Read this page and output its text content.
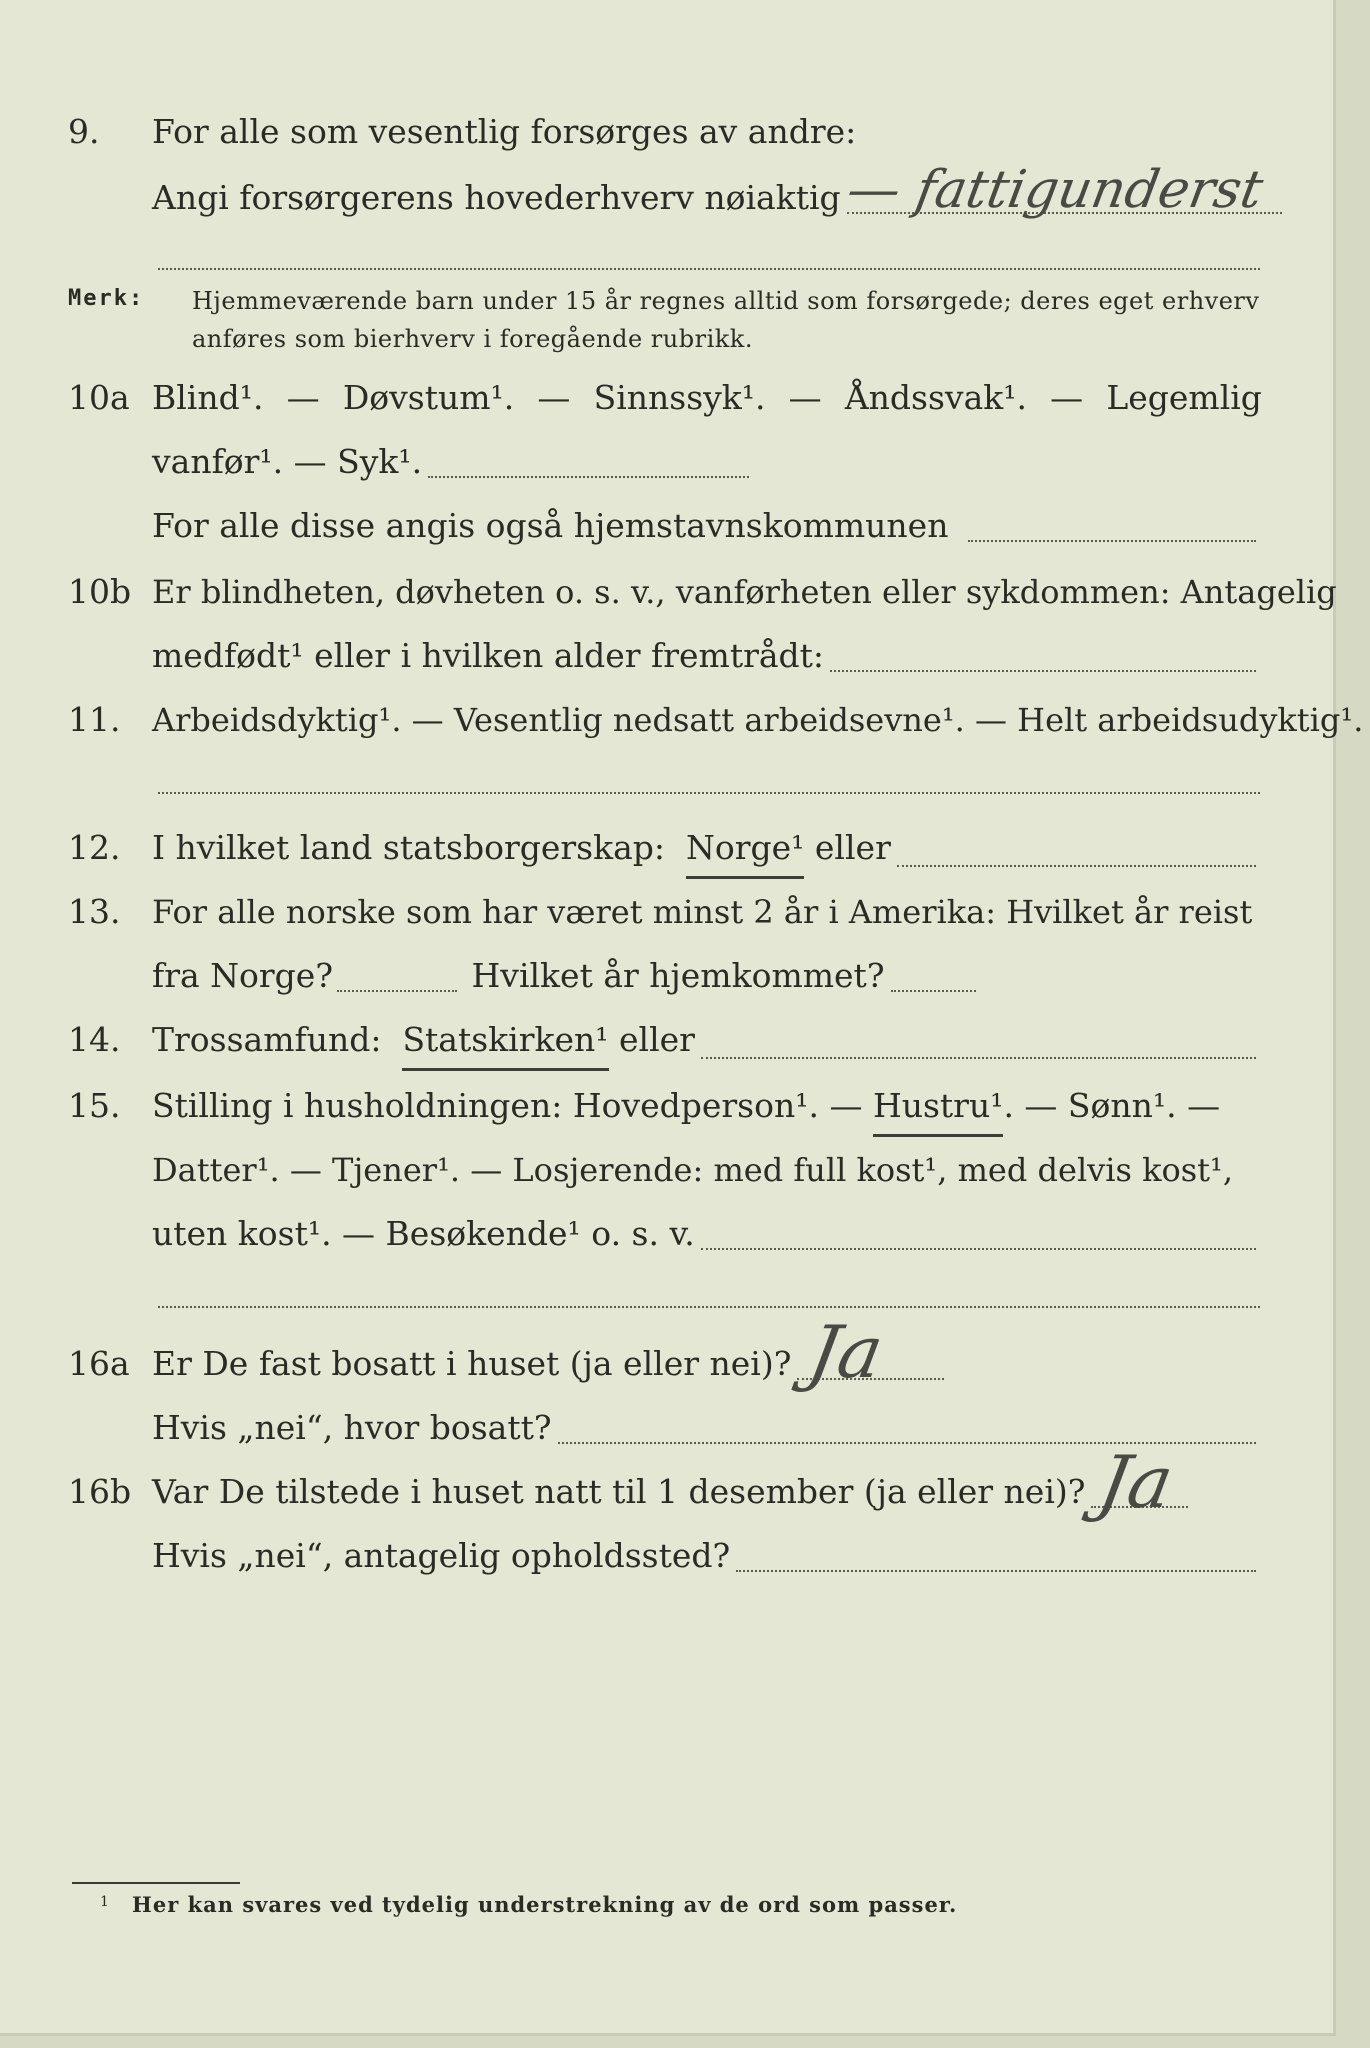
9. For alle som vesentlig forsørges av andre:
Angi forsørgerens hovederhverv nøiaktig — fattigunderst
Merk: Hjemmeværende barn under 15 år regnes alltid som forsørgede; deres eget erhverv anføres som bierhverv i foregående rubrikk.
10a Blind¹. — Døvstum¹. — Sinnssyk¹. — Åndssvak¹. — Legemlig
vanfør¹. — Syk¹.
For alle disse angis også hjemstavnskommunen
10b Er blindheten, døvheten o. s. v., vanførheten eller sykdommen: Antagelig
medfødt¹ eller i hvilken alder fremtrådt:
11. Arbeidsdyktig¹. — Vesentlig nedsatt arbeidsevne¹. — Helt arbeidsudyktig¹.
12. I hvilket land statsborgerskap:
Norge¹
eller
13. For alle norske som har været minst 2 år i Amerika: Hvilket år reist
fra Norge?
	Hvilket år hjemkommet?
14. Trossamfund:
Statskirken¹
eller
15. Stilling i husholdningen: Hovedperson¹. —
Hustru¹ . — Sønn¹. —
Datter¹. — Tjener¹. — Losjerende: med full kost¹, med delvis kost¹,
uten kost¹. — Besøkende¹ o. s. v.
16a Er De fast bosatt i huset (ja eller nei)? Ja
Hvis „nei“, hvor bosatt?
16b Var De tilstede i huset natt til 1 desember (ja eller nei)? Ja
Hvis „nei“, antagelig opholdssted?
1 Her kan svares ved tydelig understrekning av de ord som passer.
